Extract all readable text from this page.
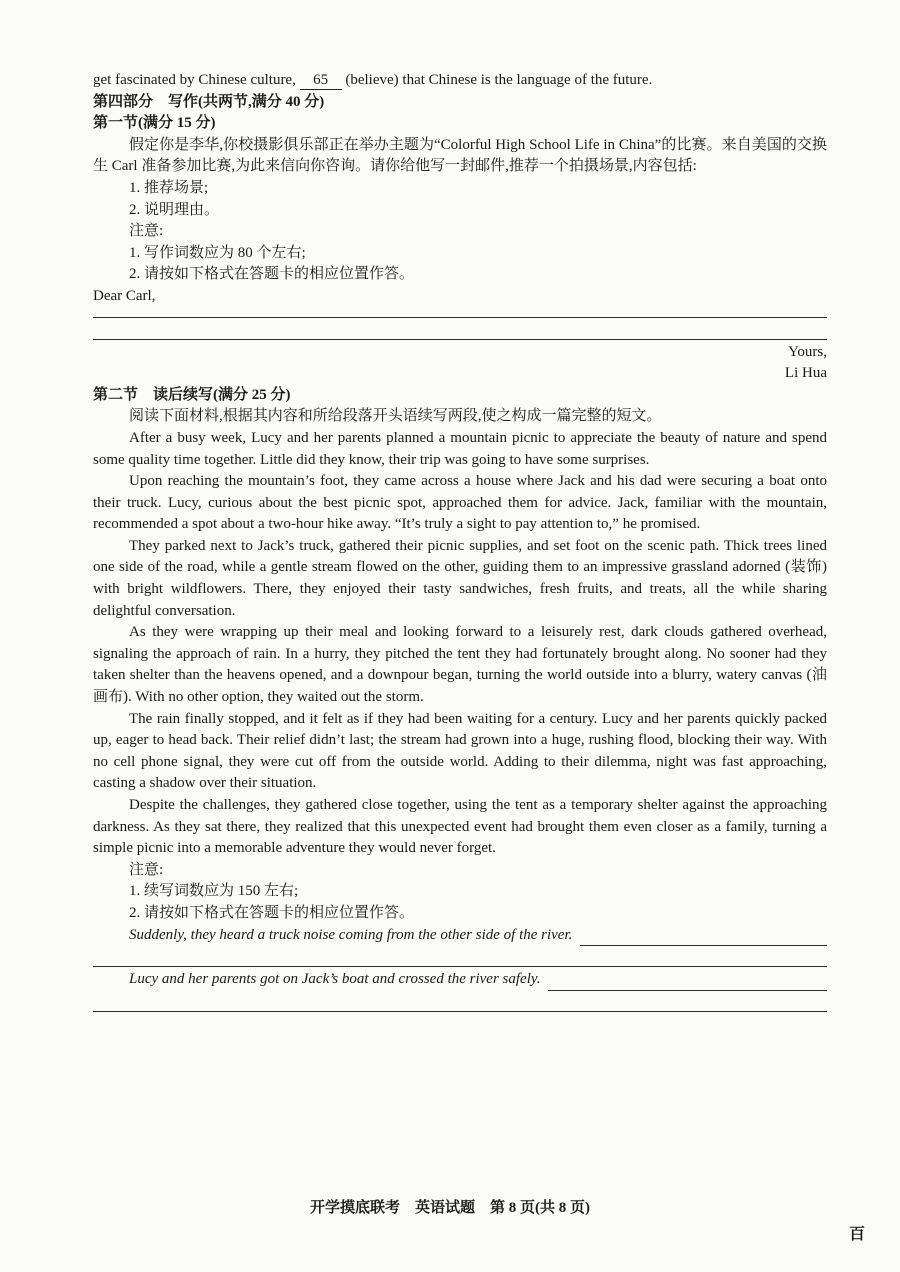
get fascinated by Chinese culture, 65 (believe) that Chinese is the language of the future.

第四部分　写作(共两节,满分 40 分)

第一节(满分 15 分)

假定你是李华,你校摄影俱乐部正在举办主题为“Colorful High School Life in China”的比赛。来自美国的交换生 Carl 准备参加比赛,为此来信向你咨询。请你给他写一封邮件,推荐一个拍摄场景,内容包括:

1. 推荐场景;

2. 说明理由。

注意:

1. 写作词数应为 80 个左右;

2. 请按如下格式在答题卡的相应位置作答。

Dear Carl,

Yours,

Li Hua

第二节　读后续写(满分 25 分)

阅读下面材料,根据其内容和所给段落开头语续写两段,使之构成一篇完整的短文。

After a busy week, Lucy and her parents planned a mountain picnic to appreciate the beauty of nature and spend some quality time together. Little did they know, their trip was going to have some surprises.

Upon reaching the mountain’s foot, they came across a house where Jack and his dad were securing a boat onto their truck. Lucy, curious about the best picnic spot, approached them for advice. Jack, familiar with the mountain, recommended a spot about a two-hour hike away. “It’s truly a sight to pay attention to,” he promised.

They parked next to Jack’s truck, gathered their picnic supplies, and set foot on the scenic path. Thick trees lined one side of the road, while a gentle stream flowed on the other, guiding them to an impressive grassland adorned (装饰) with bright wildflowers. There, they enjoyed their tasty sandwiches, fresh fruits, and treats, all the while sharing delightful conversation.

As they were wrapping up their meal and looking forward to a leisurely rest, dark clouds gathered overhead, signaling the approach of rain. In a hurry, they pitched the tent they had fortunately brought along. No sooner had they taken shelter than the heavens opened, and a downpour began, turning the world outside into a blurry, watery canvas (油画布). With no other option, they waited out the storm.

The rain finally stopped, and it felt as if they had been waiting for a century. Lucy and her parents quickly packed up, eager to head back. Their relief didn’t last; the stream had grown into a huge, rushing flood, blocking their way. With no cell phone signal, they were cut off from the outside world. Adding to their dilemma, night was fast approaching, casting a shadow over their situation.

Despite the challenges, they gathered close together, using the tent as a temporary shelter against the approaching darkness. As they sat there, they realized that this unexpected event had brought them even closer as a family, turning a simple picnic into a memorable adventure they would never forget.

注意:

1. 续写词数应为 150 左右;

2. 请按如下格式在答题卡的相应位置作答。

Suddenly, they heard a truck noise coming from the other side of the river.
Lucy and her parents got on Jack’s boat and crossed the river safely.
开学摸底联考　英语试题　第 8 页(共 8 页)
百
